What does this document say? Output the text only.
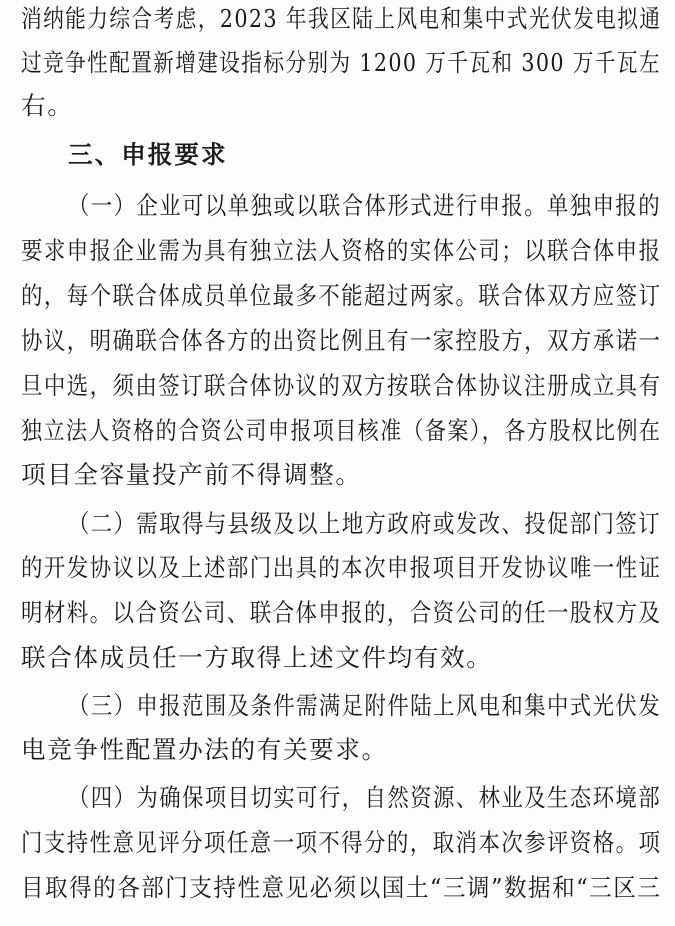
消纳能力综合考虑，2023 年我区陆上风电和集中式光伏发电拟通
过竞争性配置新增建设指标分别为 1200 万千瓦和 300 万千瓦左
右。
三、申报要求
（一）企业可以单独或以联合体形式进行申报。单独申报的
要求申报企业需为具有独立法人资格的实体公司；以联合体申报
的，每个联合体成员单位最多不能超过两家。联合体双方应签订
协议，明确联合体各方的出资比例且有一家控股方，双方承诺一
旦中选，须由签订联合体协议的双方按联合体协议注册成立具有
独立法人资格的合资公司申报项目核准（备案），各方股权比例在
项目全容量投产前不得调整。
（二）需取得与县级及以上地方政府或发改、投促部门签订
的开发协议以及上述部门出具的本次申报项目开发协议唯一性证
明材料。以合资公司、联合体申报的，合资公司的任一股权方及
联合体成员任一方取得上述文件均有效。
（三）申报范围及条件需满足附件陆上风电和集中式光伏发
电竞争性配置办法的有关要求。
（四）为确保项目切实可行，自然资源、林业及生态环境部
门支持性意见评分项任意一项不得分的，取消本次参评资格。项
目取得的各部门支持性意见必须以国土“三调”数据和“三区三
